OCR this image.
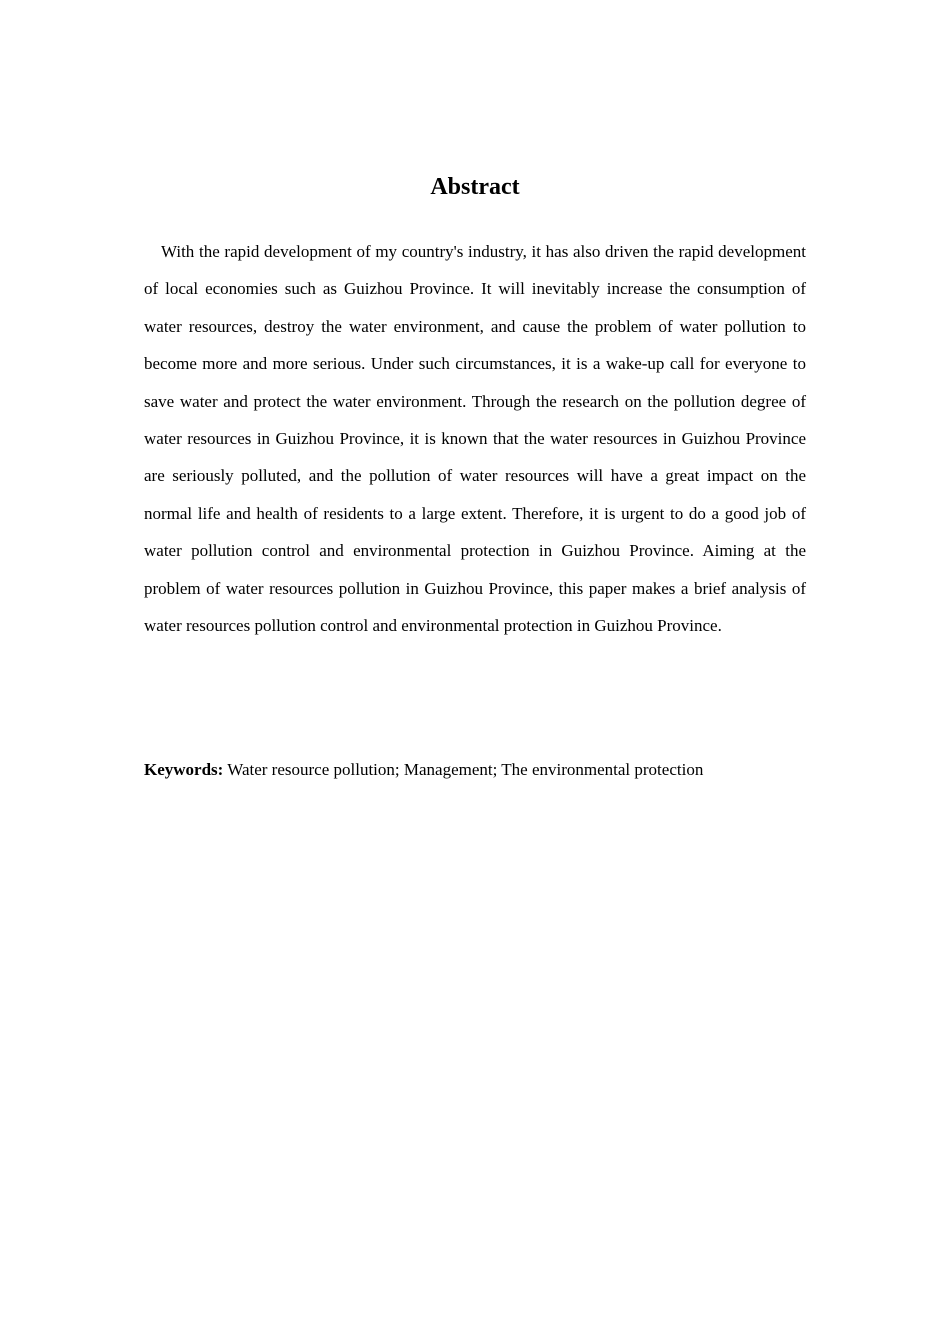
Abstract

With the rapid development of my country's industry, it has also driven the rapid development of local economies such as Guizhou Province. It will inevitably increase the consumption of water resources, destroy the water environment, and cause the problem of water pollution to become more and more serious. Under such circumstances, it is a wake-up call for everyone to save water and protect the water environment. Through the research on the pollution degree of water resources in Guizhou Province, it is known that the water resources in Guizhou Province are seriously polluted, and the pollution of water resources will have a great impact on the normal life and health of residents to a large extent. Therefore, it is urgent to do a good job of water pollution control and environmental protection in Guizhou Province. Aiming at the problem of water resources pollution in Guizhou Province, this paper makes a brief analysis of water resources pollution control and environmental protection in Guizhou Province.

Keywords: Water resource pollution; Management; The environmental protection
